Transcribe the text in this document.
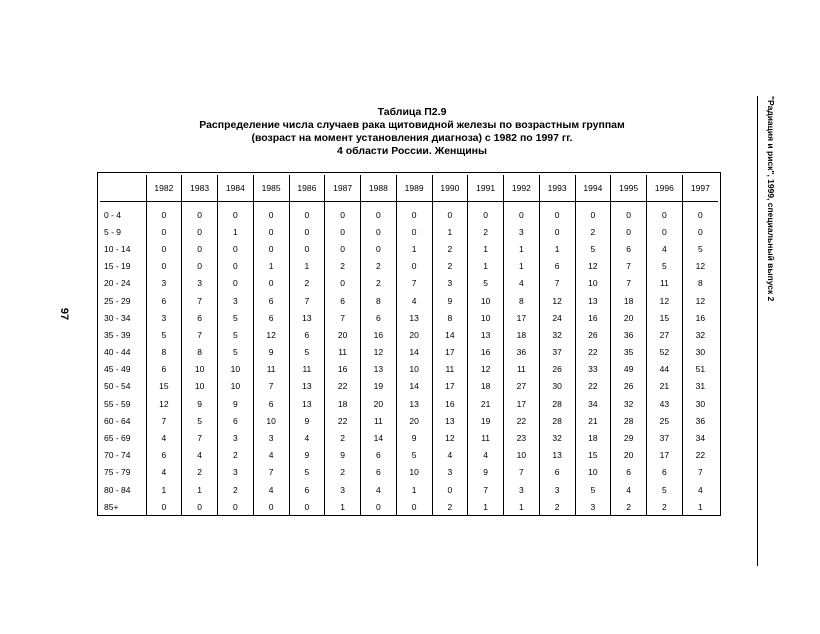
97
"Радиация и риск", 1999, специальный выпуск 2
Таблица П2.9
Распределение числа случаев рака щитовидной железы по возрастным группам
(возраст на момент установления диагноза) с 1982 по 1997 гг.
4 области России. Женщины
	1982	1983	1984	1985	1986	1987	1988	1989	1990	1991	1992	1993	1994	1995	1996	1997
0 - 4	0	0	0	0	0	0	0	0	0	0	0	0	0	0	0	0
5 - 9	0	0	1	0	0	0	0	0	1	2	3	0	2	0	0	0
10 - 14	0	0	0	0	0	0	0	1	2	1	1	1	5	6	4	5
15 - 19	0	0	0	1	1	2	2	0	2	1	1	6	12	7	5	12
20 - 24	3	3	0	0	2	0	2	7	3	5	4	7	10	7	11	8
25 - 29	6	7	3	6	7	6	8	4	9	10	8	12	13	18	12	12
30 - 34	3	6	5	6	13	7	6	13	8	10	17	24	16	20	15	16
35 - 39	5	7	5	12	6	20	16	20	14	13	18	32	26	36	27	32
40 - 44	8	8	5	9	5	11	12	14	17	16	36	37	22	35	52	30
45 - 49	6	10	10	11	11	16	13	10	11	12	11	26	33	49	44	51
50 - 54	15	10	10	7	13	22	19	14	17	18	27	30	22	26	21	31
55 - 59	12	9	9	6	13	18	20	13	16	21	17	28	34	32	43	30
60 - 64	7	5	6	10	9	22	11	20	13	19	22	28	21	28	25	36
65 - 69	4	7	3	3	4	2	14	9	12	11	23	32	18	29	37	34
70 - 74	6	4	2	4	9	9	6	5	4	4	10	13	15	20	17	22
75 - 79	4	2	3	7	5	2	6	10	3	9	7	6	10	6	6	7
80 - 84	1	1	2	4	6	3	4	1	0	7	3	3	5	4	5	4
85+	0	0	0	0	0	1	0	0	2	1	1	2	3	2	2	1
